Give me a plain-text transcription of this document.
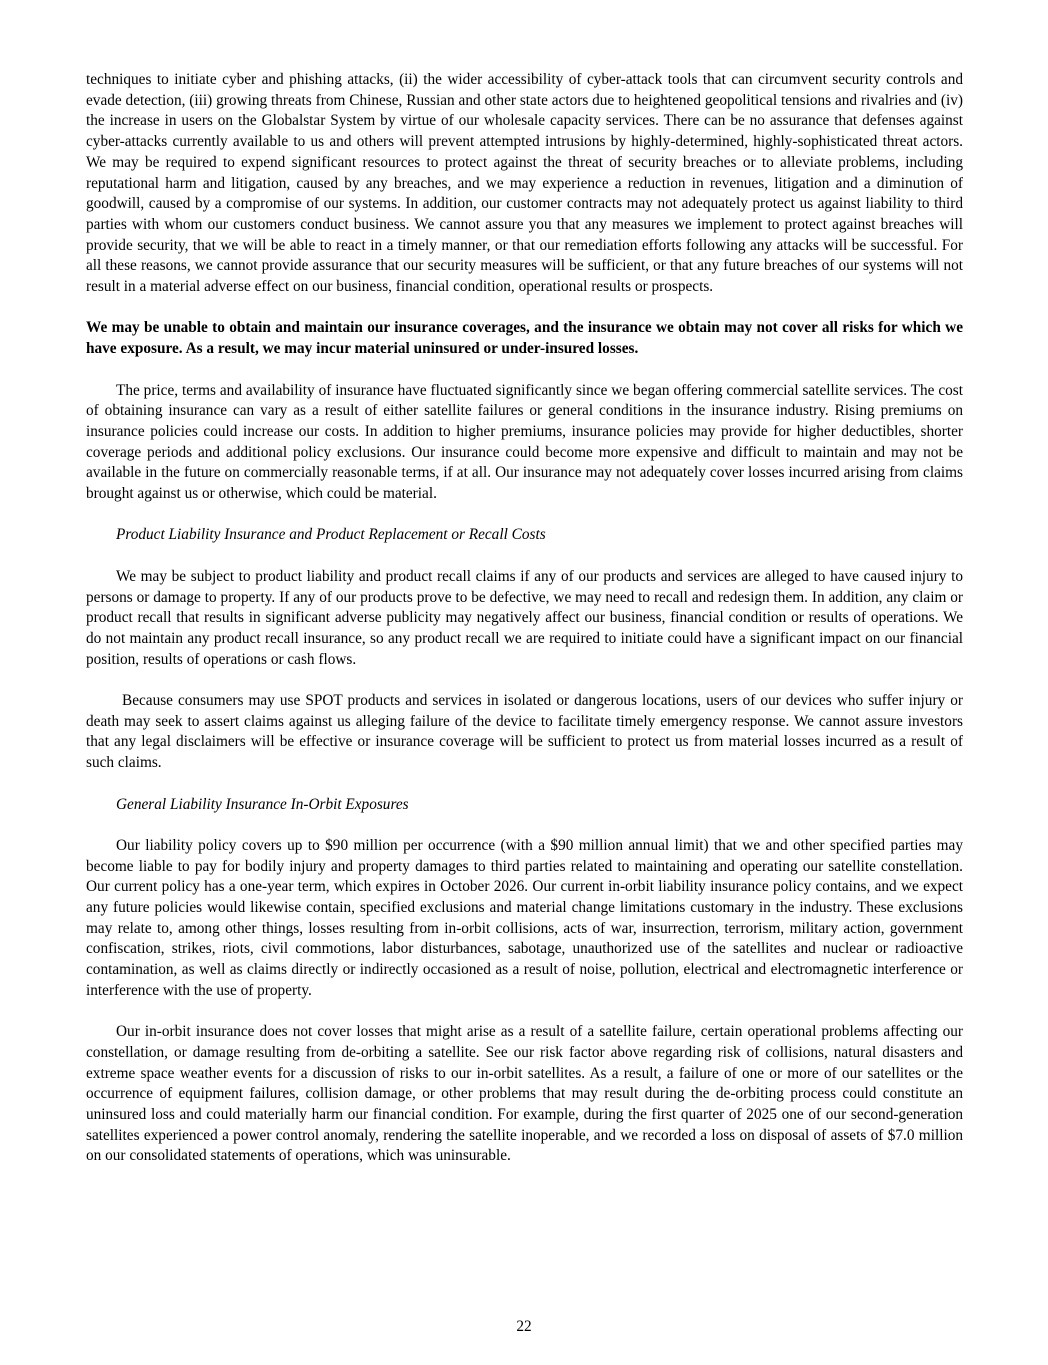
techniques to initiate cyber and phishing attacks, (ii) the wider accessibility of cyber-attack tools that can circumvent security controls and evade detection, (iii) growing threats from Chinese, Russian and other state actors due to heightened geopolitical tensions and rivalries and (iv) the increase in users on the Globalstar System by virtue of our wholesale capacity services. There can be no assurance that defenses against cyber-attacks currently available to us and others will prevent attempted intrusions by highly-determined, highly-sophisticated threat actors. We may be required to expend significant resources to protect against the threat of security breaches or to alleviate problems, including reputational harm and litigation, caused by any breaches, and we may experience a reduction in revenues, litigation and a diminution of goodwill, caused by a compromise of our systems. In addition, our customer contracts may not adequately protect us against liability to third parties with whom our customers conduct business. We cannot assure you that any measures we implement to protect against breaches will provide security, that we will be able to react in a timely manner, or that our remediation efforts following any attacks will be successful. For all these reasons, we cannot provide assurance that our security measures will be sufficient, or that any future breaches of our systems will not result in a material adverse effect on our business, financial condition, operational results or prospects.

We may be unable to obtain and maintain our insurance coverages, and the insurance we obtain may not cover all risks for which we have exposure. As a result, we may incur material uninsured or under-insured losses.

The price, terms and availability of insurance have fluctuated significantly since we began offering commercial satellite services. The cost of obtaining insurance can vary as a result of either satellite failures or general conditions in the insurance industry. Rising premiums on insurance policies could increase our costs. In addition to higher premiums, insurance policies may provide for higher deductibles, shorter coverage periods and additional policy exclusions. Our insurance could become more expensive and difficult to maintain and may not be available in the future on commercially reasonable terms, if at all. Our insurance may not adequately cover losses incurred arising from claims brought against us or otherwise, which could be material.

Product Liability Insurance and Product Replacement or Recall Costs

We may be subject to product liability and product recall claims if any of our products and services are alleged to have caused injury to persons or damage to property. If any of our products prove to be defective, we may need to recall and redesign them. In addition, any claim or product recall that results in significant adverse publicity may negatively affect our business, financial condition or results of operations. We do not maintain any product recall insurance, so any product recall we are required to initiate could have a significant impact on our financial position, results of operations or cash flows.

Because consumers may use SPOT products and services in isolated or dangerous locations, users of our devices who suffer injury or death may seek to assert claims against us alleging failure of the device to facilitate timely emergency response. We cannot assure investors that any legal disclaimers will be effective or insurance coverage will be sufficient to protect us from material losses incurred as a result of such claims.

General Liability Insurance In-Orbit Exposures

Our liability policy covers up to $90 million per occurrence (with a $90 million annual limit) that we and other specified parties may become liable to pay for bodily injury and property damages to third parties related to maintaining and operating our satellite constellation. Our current policy has a one-year term, which expires in October 2026. Our current in-orbit liability insurance policy contains, and we expect any future policies would likewise contain, specified exclusions and material change limitations customary in the industry. These exclusions may relate to, among other things, losses resulting from in-orbit collisions, acts of war, insurrection, terrorism, military action, government confiscation, strikes, riots, civil commotions, labor disturbances, sabotage, unauthorized use of the satellites and nuclear or radioactive contamination, as well as claims directly or indirectly occasioned as a result of noise, pollution, electrical and electromagnetic interference or interference with the use of property.

Our in-orbit insurance does not cover losses that might arise as a result of a satellite failure, certain operational problems affecting our constellation, or damage resulting from de-orbiting a satellite. See our risk factor above regarding risk of collisions, natural disasters and extreme space weather events for a discussion of risks to our in-orbit satellites. As a result, a failure of one or more of our satellites or the occurrence of equipment failures, collision damage, or other problems that may result during the de-orbiting process could constitute an uninsured loss and could materially harm our financial condition. For example, during the first quarter of 2025 one of our second-generation satellites experienced a power control anomaly, rendering the satellite inoperable, and we recorded a loss on disposal of assets of $7.0 million on our consolidated statements of operations, which was uninsurable.

22
